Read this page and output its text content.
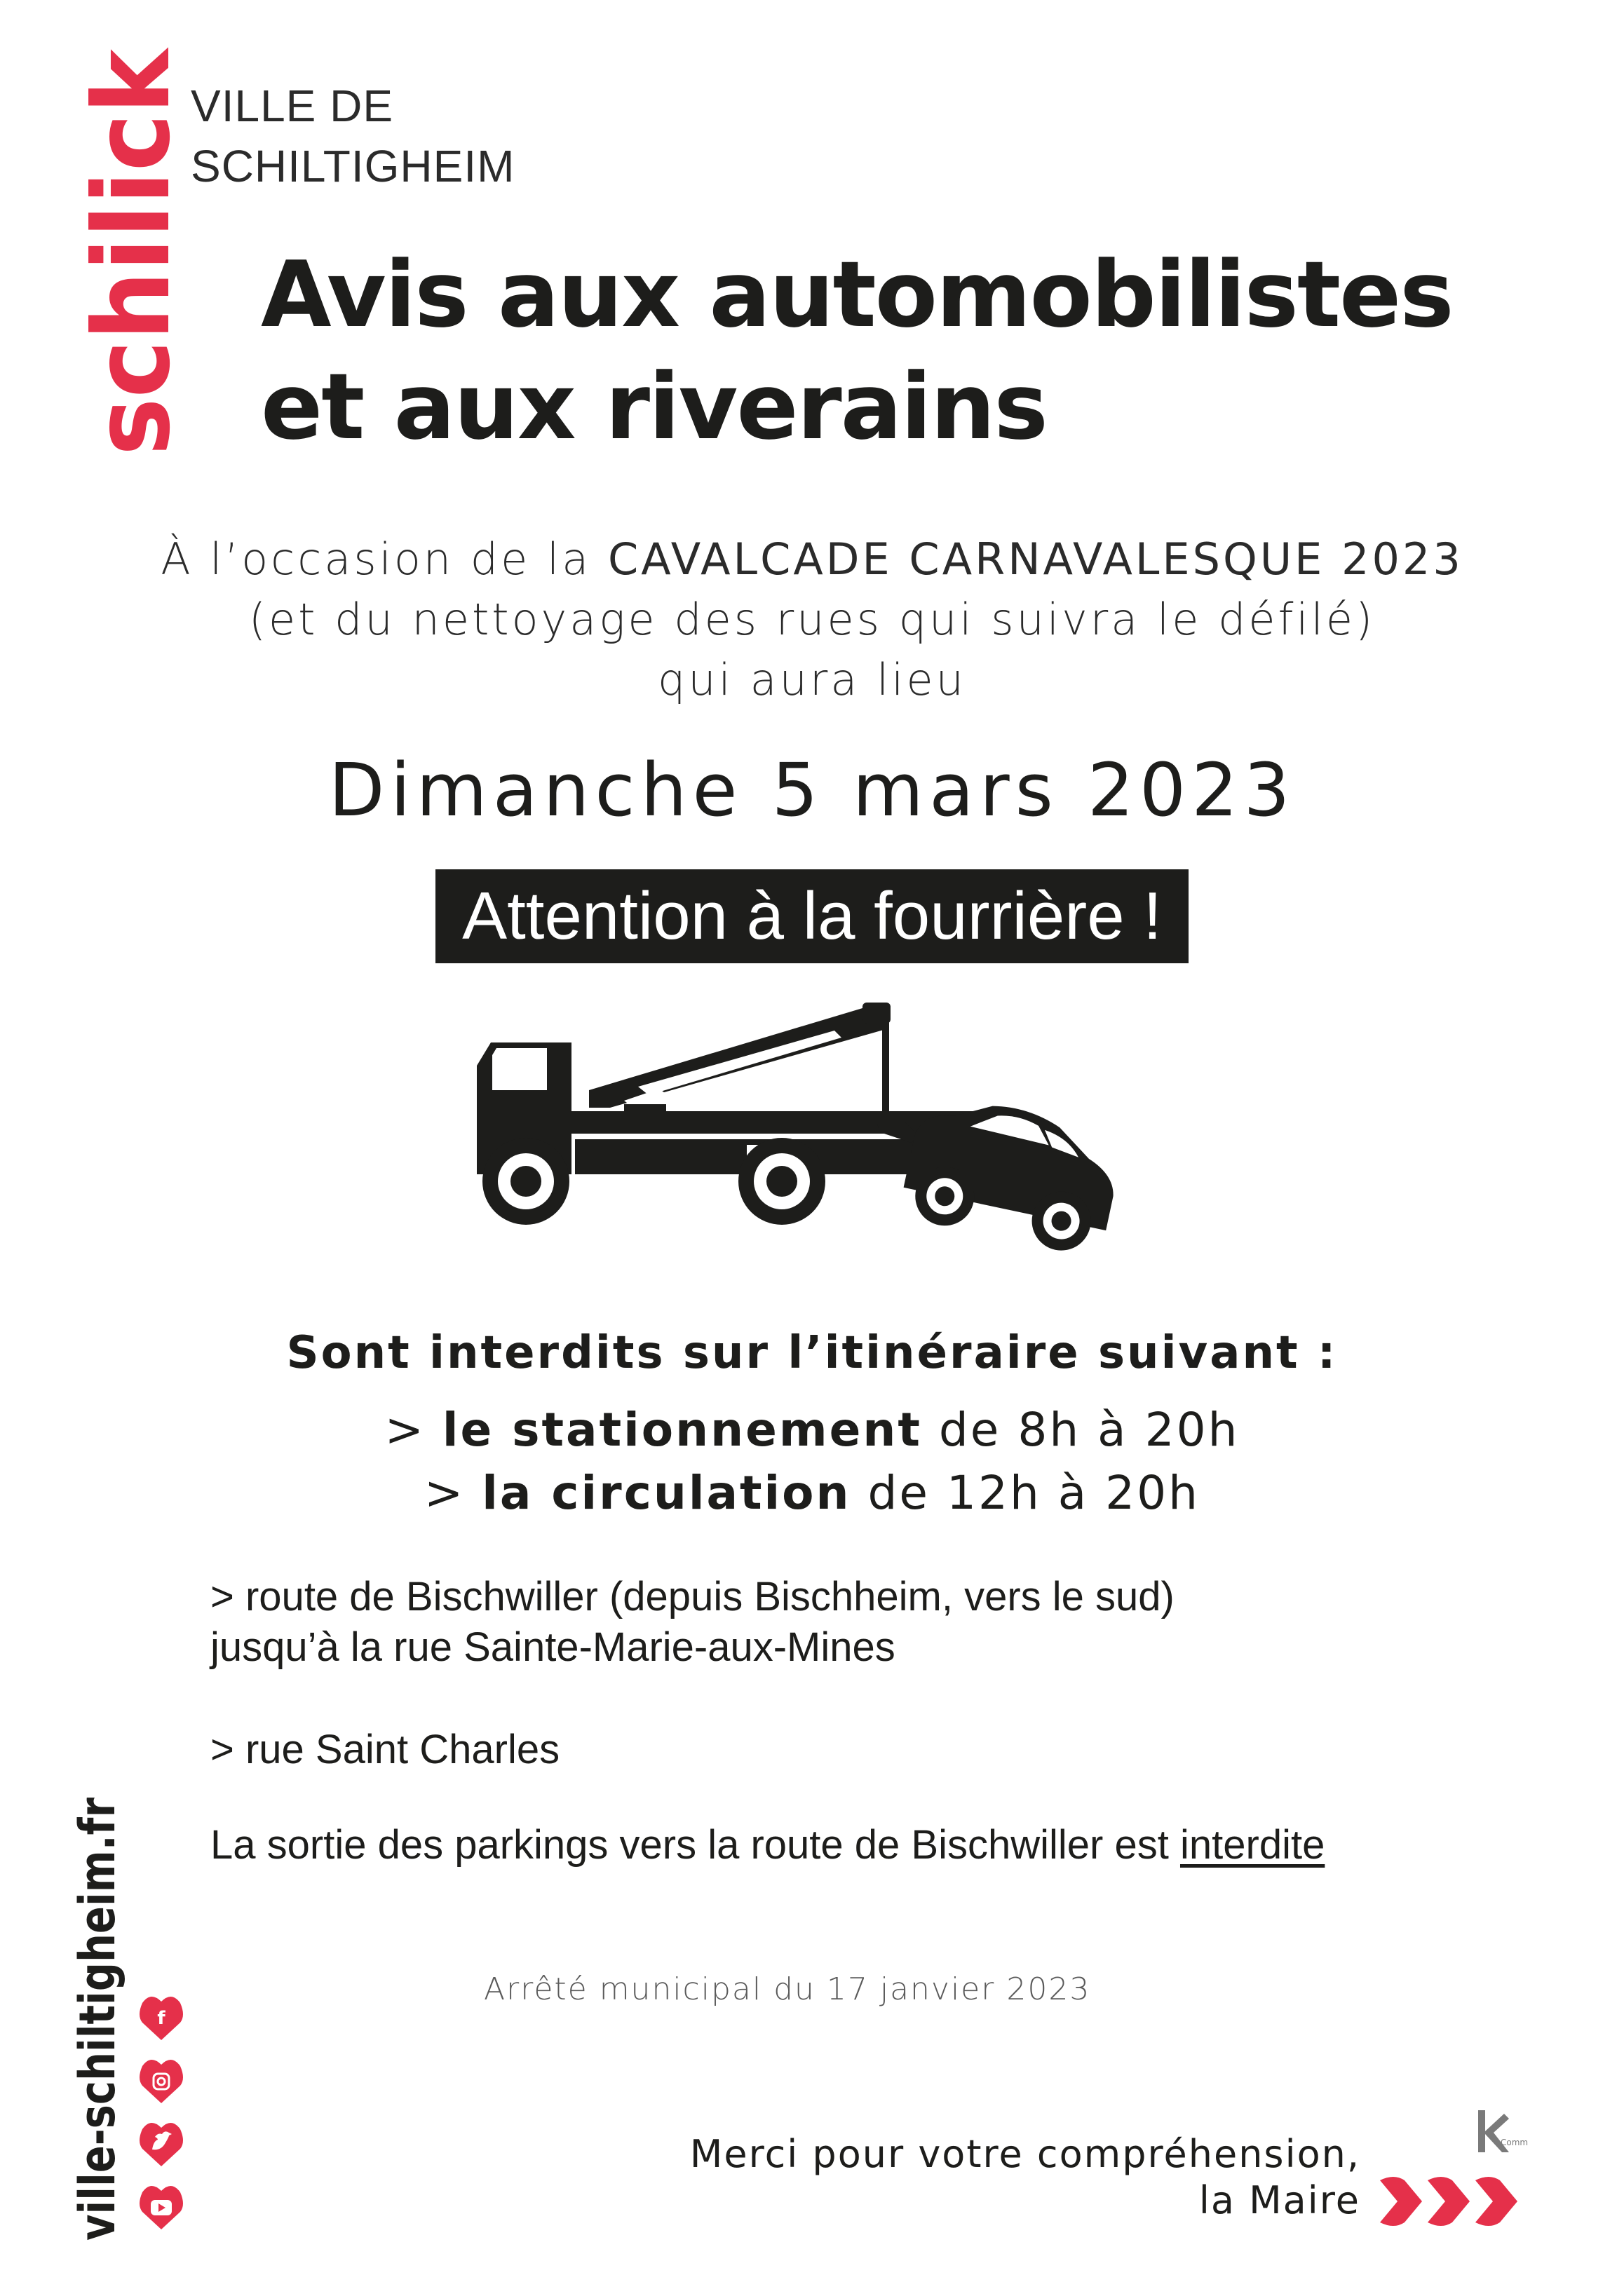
schilick
VILLE DE
SCHILTIGHEIM
Avis aux automobilistes
et aux riverains
À l’occasion de la CAVALCADE CARNAVALESQUE 2023
(et du nettoyage des rues qui suivra le défilé)
qui aura lieu
Dimanche 5 mars 2023
Attention à la fourrière !
Sont interdits sur l’itinéraire suivant :
> le stationnement de 8h à 20h
> la circulation de 12h à 20h
> route de Bischwiller (depuis Bischheim, vers le sud)
jusqu’à la rue Sainte-Marie-aux-Mines
> rue Saint Charles
La sortie des parkings vers la route de Bischwiller est interdite
Arrêté municipal du 17 janvier 2023
ville-schiltigheim.fr f
Merci pour votre compréhension,
la Maire
Comm
